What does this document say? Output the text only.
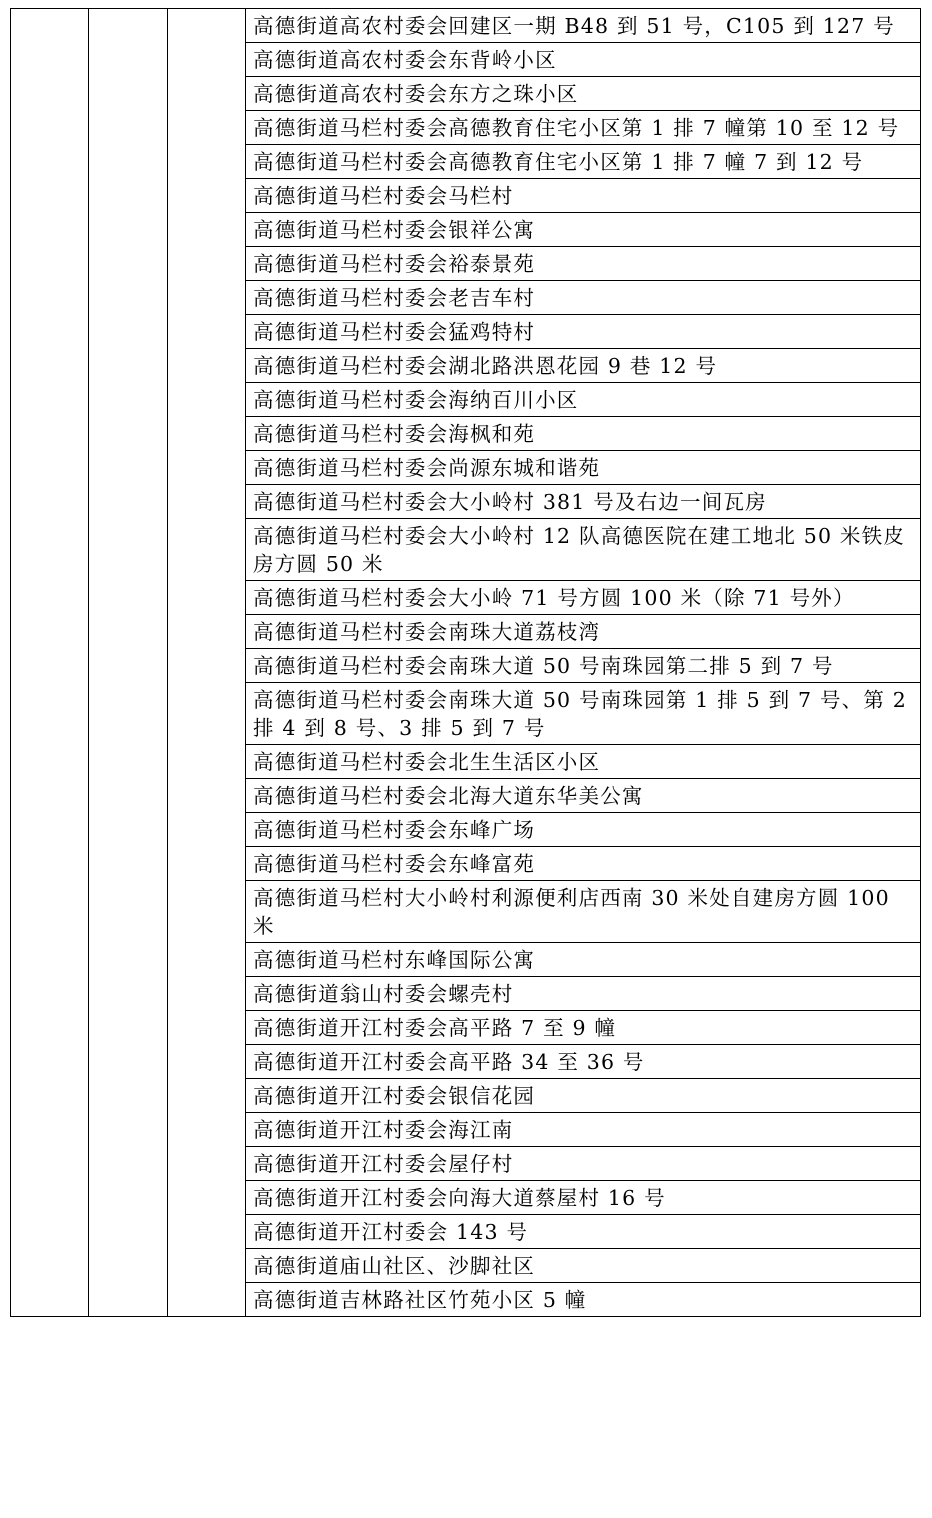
			高德街道高农村委会回建区一期 B48 到 51 号，C105 到 127 号
高德街道高农村委会东背岭小区
高德街道高农村委会东方之珠小区
高德街道马栏村委会高德教育住宅小区第 1 排 7 幢第 10 至 12 号
高德街道马栏村委会高德教育住宅小区第 1 排 7 幢 7 到 12 号
高德街道马栏村委会马栏村
高德街道马栏村委会银祥公寓
高德街道马栏村委会裕泰景苑
高德街道马栏村委会老吉车村
高德街道马栏村委会猛鸡特村
高德街道马栏村委会湖北路洪恩花园 9 巷 12 号
高德街道马栏村委会海纳百川小区
高德街道马栏村委会海枫和苑
高德街道马栏村委会尚源东城和谐苑
高德街道马栏村委会大小岭村 381 号及右边一间瓦房
高德街道马栏村委会大小岭村 12 队高德医院在建工地北 50 米铁皮房方圆 50 米
高德街道马栏村委会大小岭 71 号方圆 100 米（除 71 号外）
高德街道马栏村委会南珠大道荔枝湾
高德街道马栏村委会南珠大道 50 号南珠园第二排 5 到 7 号
高德街道马栏村委会南珠大道 50 号南珠园第 1 排 5 到 7 号、第 2 排 4 到 8 号、3 排 5 到 7 号
高德街道马栏村委会北生生活区小区
高德街道马栏村委会北海大道东华美公寓
高德街道马栏村委会东峰广场
高德街道马栏村委会东峰富苑
高德街道马栏村大小岭村利源便利店西南 30 米处自建房方圆 100 米
高德街道马栏村东峰国际公寓
高德街道翁山村委会螺壳村
高德街道开江村委会高平路 7 至 9 幢
高德街道开江村委会高平路 34 至 36 号
高德街道开江村委会银信花园
高德街道开江村委会海江南
高德街道开江村委会屋仔村
高德街道开江村委会向海大道蔡屋村 16 号
高德街道开江村委会 143 号
高德街道庙山社区、沙脚社区
高德街道吉林路社区竹苑小区 5 幢
